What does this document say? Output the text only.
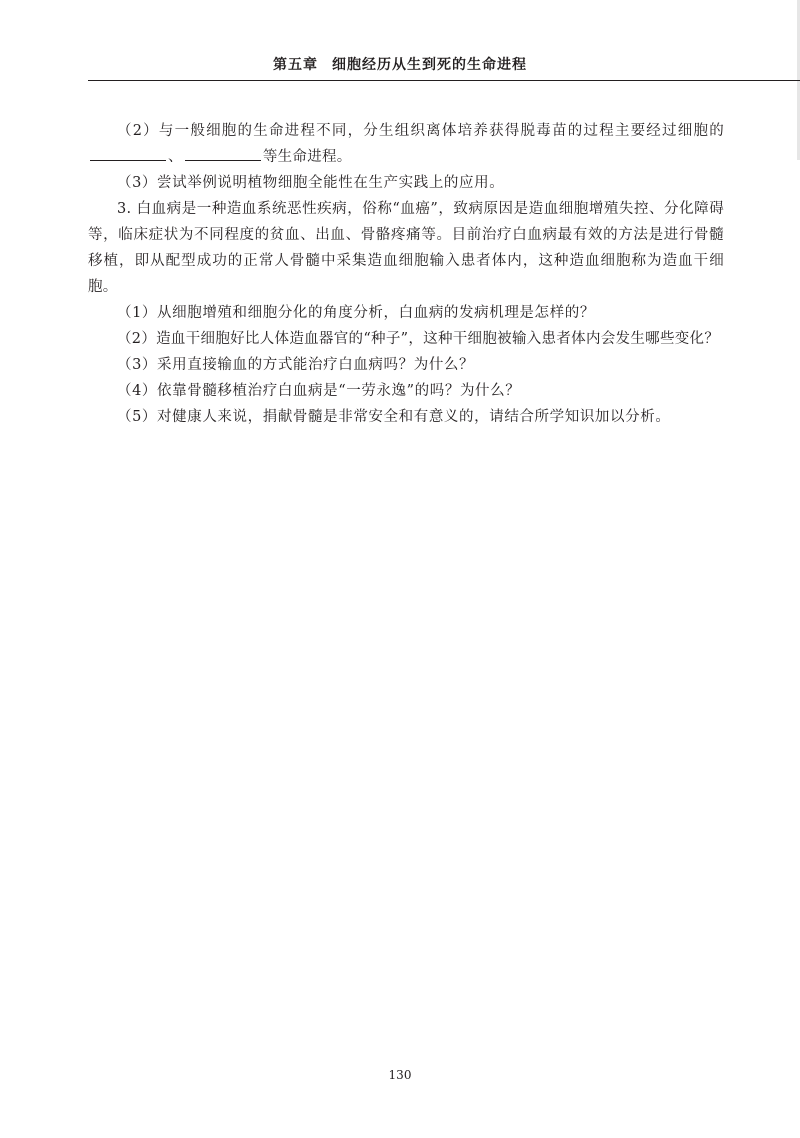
第五章 细胞经历从生到死的生命进程

（2）与一般细胞的生命进程不同，分生组织离体培养获得脱毒苗的过程主要经过细胞的、	等生命进程。

（3）尝试举例说明植物细胞全能性在生产实践上的应用。

3. 白血病是一种造血系统恶性疾病，俗称“血癌”，致病原因是造血细胞增殖失控、分化障碍等，临床症状为不同程度的贫血、出血、骨骼疼痛等。目前治疗白血病最有效的方法是进行骨髓移植，即从配型成功的正常人骨髓中采集造血细胞输入患者体内，这种造血细胞称为造血干细胞。

（1）从细胞增殖和细胞分化的角度分析，白血病的发病机理是怎样的？

（2）造血干细胞好比人体造血器官的“种子”，这种干细胞被输入患者体内会发生哪些变化？

（3）采用直接输血的方式能治疗白血病吗？为什么？

（4）依靠骨髓移植治疗白血病是“一劳永逸”的吗？为什么？

（5）对健康人来说，捐献骨髓是非常安全和有意义的，请结合所学知识加以分析。

130
